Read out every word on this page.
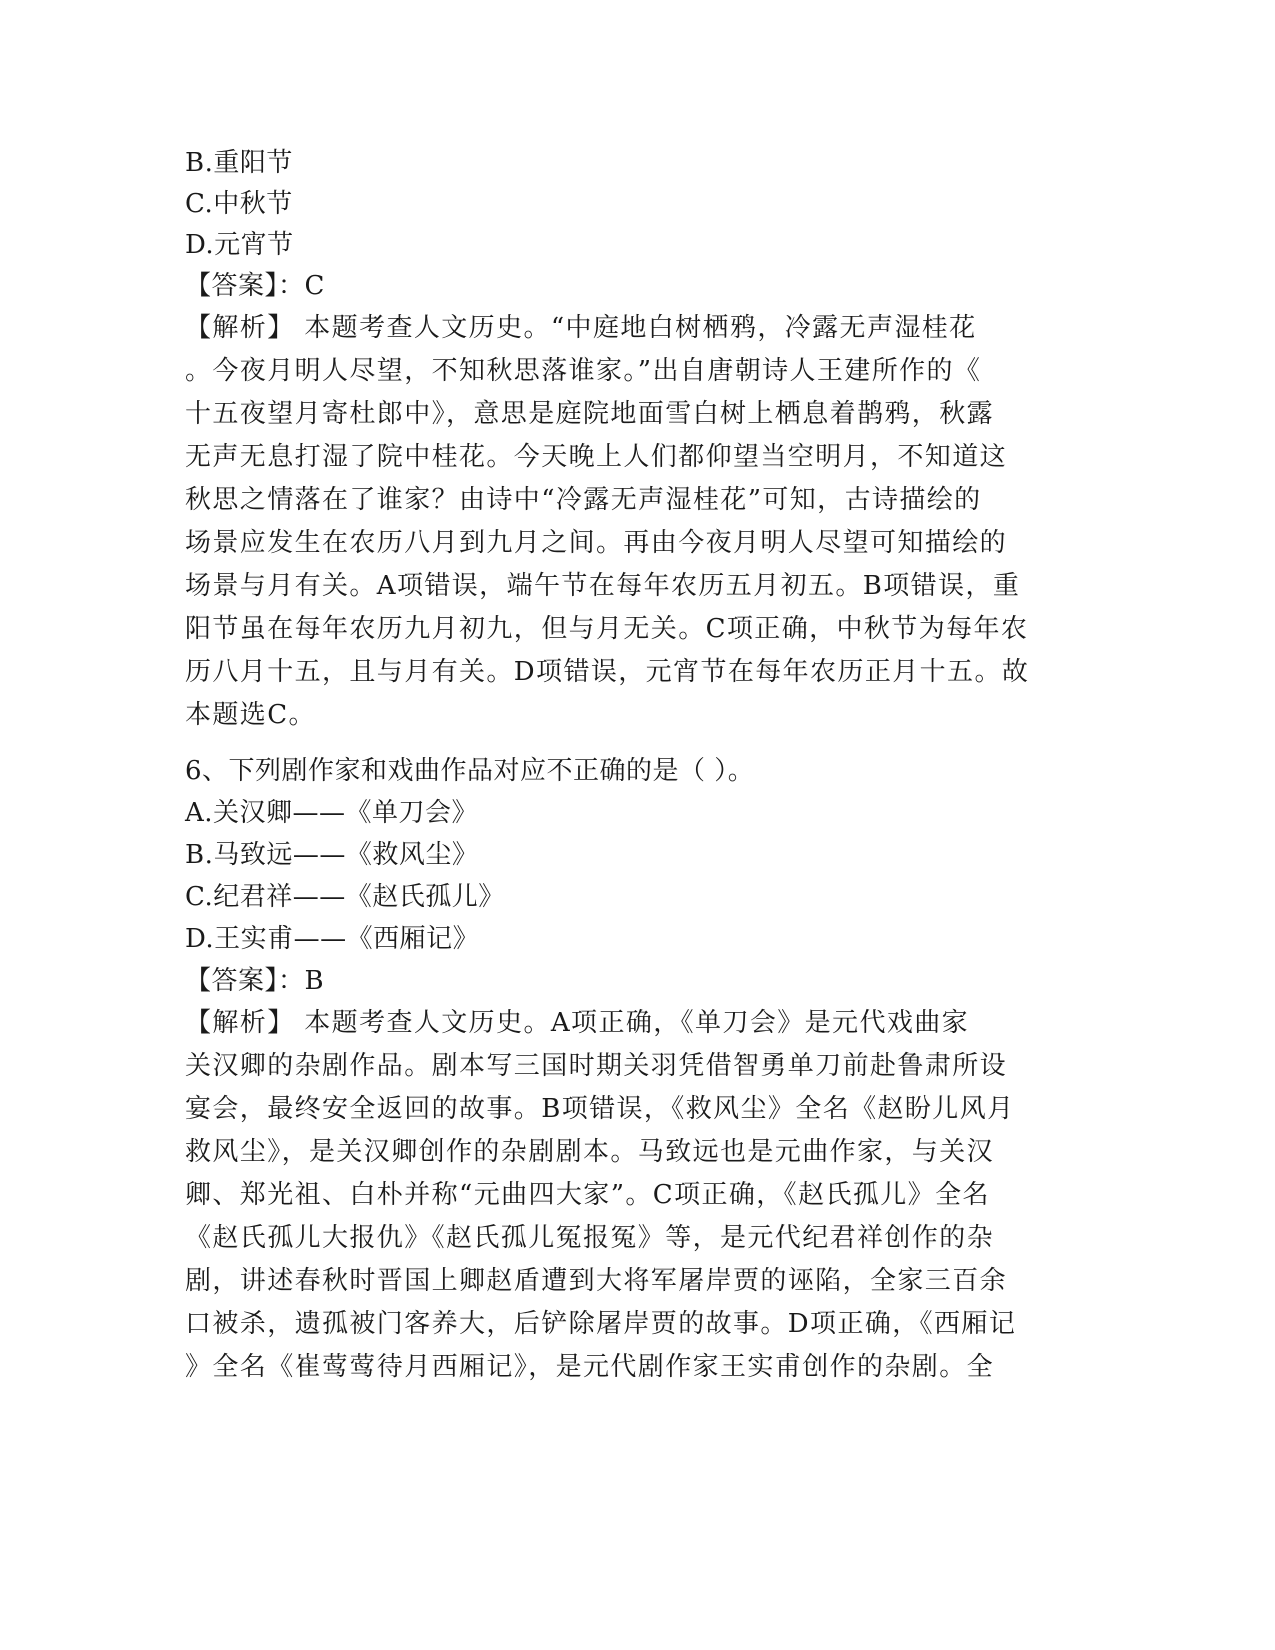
B.重阳节
C.中秋节
D.元宵节
【答案】：C
【解析】 本题考查人文历史。“中庭地白树栖鸦，冷露无声湿桂花
。今夜月明人尽望，不知秋思落谁家。”出自唐朝诗人王建所作的《
十五夜望月寄杜郎中》，意思是庭院地面雪白树上栖息着鹊鸦，秋露
无声无息打湿了院中桂花。今天晚上人们都仰望当空明月，不知道这
秋思之情落在了谁家？由诗中“冷露无声湿桂花”可知，古诗描绘的
场景应发生在农历八月到九月之间。再由今夜月明人尽望可知描绘的
场景与月有关。A项错误，端午节在每年农历五月初五。B项错误，重
阳节虽在每年农历九月初九，但与月无关。C项正确，中秋节为每年农
历八月十五，且与月有关。D项错误，元宵节在每年农历正月十五。故
本题选C。
6、下列剧作家和戏曲作品对应不正确的是（ ）。
A.关汉卿——《单刀会》
B.马致远——《救风尘》
C.纪君祥——《赵氏孤儿》
D.王实甫——《西厢记》
【答案】：B
【解析】 本题考查人文历史。A项正确，《单刀会》是元代戏曲家
关汉卿的杂剧作品。剧本写三国时期关羽凭借智勇单刀前赴鲁肃所设
宴会，最终安全返回的故事。B项错误，《救风尘》全名《赵盼儿风月
救风尘》，是关汉卿创作的杂剧剧本。马致远也是元曲作家，与关汉
卿、郑光祖、白朴并称“元曲四大家”。C项正确，《赵氏孤儿》全名
《赵氏孤儿大报仇》《赵氏孤儿冤报冤》等，是元代纪君祥创作的杂
剧，讲述春秋时晋国上卿赵盾遭到大将军屠岸贾的诬陷，全家三百余
口被杀，遗孤被门客养大，后铲除屠岸贾的故事。D项正确，《西厢记
》全名《崔莺莺待月西厢记》，是元代剧作家王实甫创作的杂剧。全
